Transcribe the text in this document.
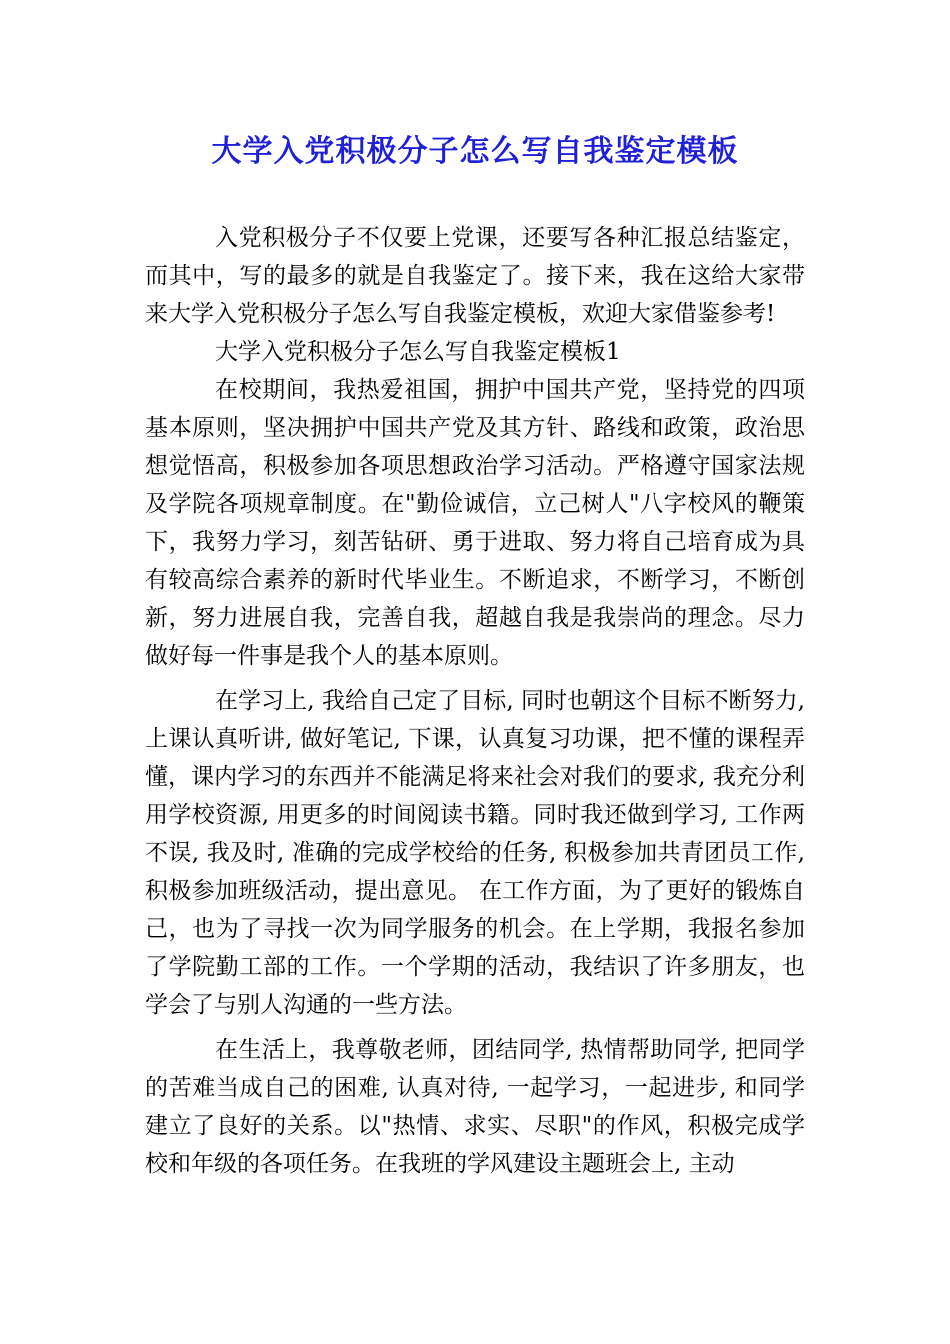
大学入党积极分子怎么写自我鉴定模板

入党积极分子不仅要上党课，还要写各种汇报总结鉴定，而其中，写的最多的就是自我鉴定了。接下来，我在这给大家带来大学入党积极分子怎么写自我鉴定模板，欢迎大家借鉴参考!

大学入党积极分子怎么写自我鉴定模板1

在校期间，我热爱祖国，拥护中国共产党，坚持党的四项基本原则，坚决拥护中国共产党及其方针、路线和政策，政治思想觉悟高，积极参加各项思想政治学习活动。严格遵守国家法规及学院各项规章制度。在"勤俭诚信，立己树人"八字校风的鞭策下，我努力学习，刻苦钻研、勇于进取、努力将自己培育成为具有较高综合素养的新时代毕业生。不断追求，不断学习，不断创新，努力进展自我，完善自我，超越自我是我崇尚的理念。尽力做好每一件事是我个人的基本原则。

在学习上, 我给自己定了目标, 同时也朝这个目标不断努力, 上课认真听讲, 做好笔记, 下课，认真复习功课，把不懂的课程弄懂，课内学习的东西并不能满足将来社会对我们的要求, 我充分利用学校资源, 用更多的时间阅读书籍。同时我还做到学习, 工作两不误, 我及时, 准确的完成学校给的任务, 积极参加共青团员工作, 积极参加班级活动，提出意见。 在工作方面，为了更好的锻炼自己，也为了寻找一次为同学服务的机会。在上学期，我报名参加了学院勤工部的工作。一个学期的活动，我结识了许多朋友，也学会了与别人沟通的一些方法。

在生活上，我尊敬老师，团结同学, 热情帮助同学, 把同学的苦难当成自己的困难, 认真对待, 一起学习，一起进步, 和同学建立了良好的关系。以"热情、求实、尽职"的作风，积极完成学校和年级的各项任务。在我班的学风建设主题班会上, 主动
